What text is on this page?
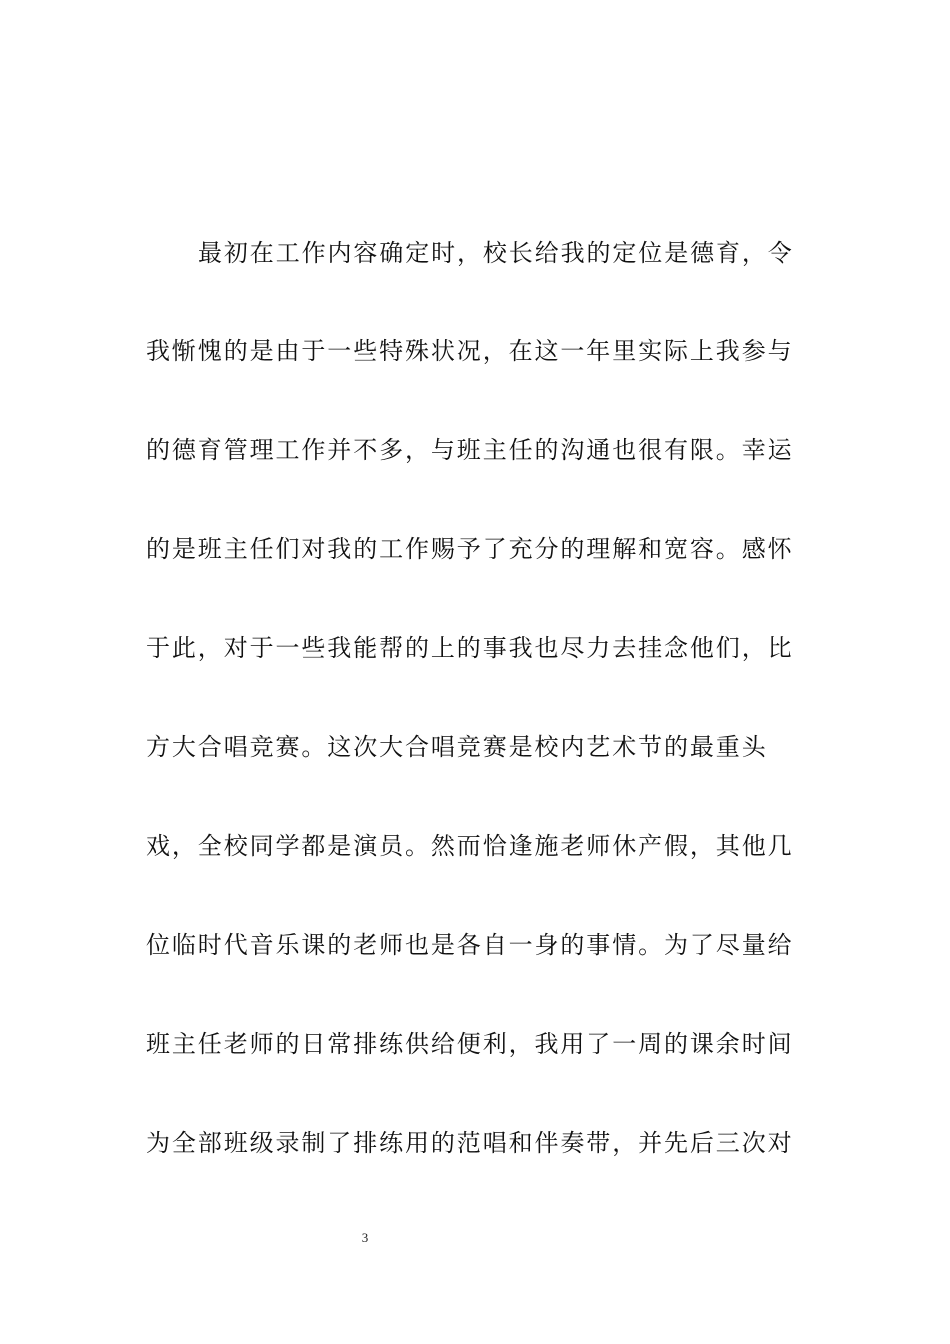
最初在工作内容确定时，校长给我的定位是德育，令
我惭愧的是由于一些特殊状况，在这一年里实际上我参与
的德育管理工作并不多，与班主任的沟通也很有限。幸运
的是班主任们对我的工作赐予了充分的理解和宽容。感怀
于此，对于一些我能帮的上的事我也尽力去挂念他们，比
方大合唱竞赛。这次大合唱竞赛是校内艺术节的最重头
戏，全校同学都是演员。然而恰逢施老师休产假，其他几
位临时代音乐课的老师也是各自一身的事情。为了尽量给
班主任老师的日常排练供给便利，我用了一周的课余时间
为全部班级录制了排练用的范唱和伴奏带，并先后三次对
3
